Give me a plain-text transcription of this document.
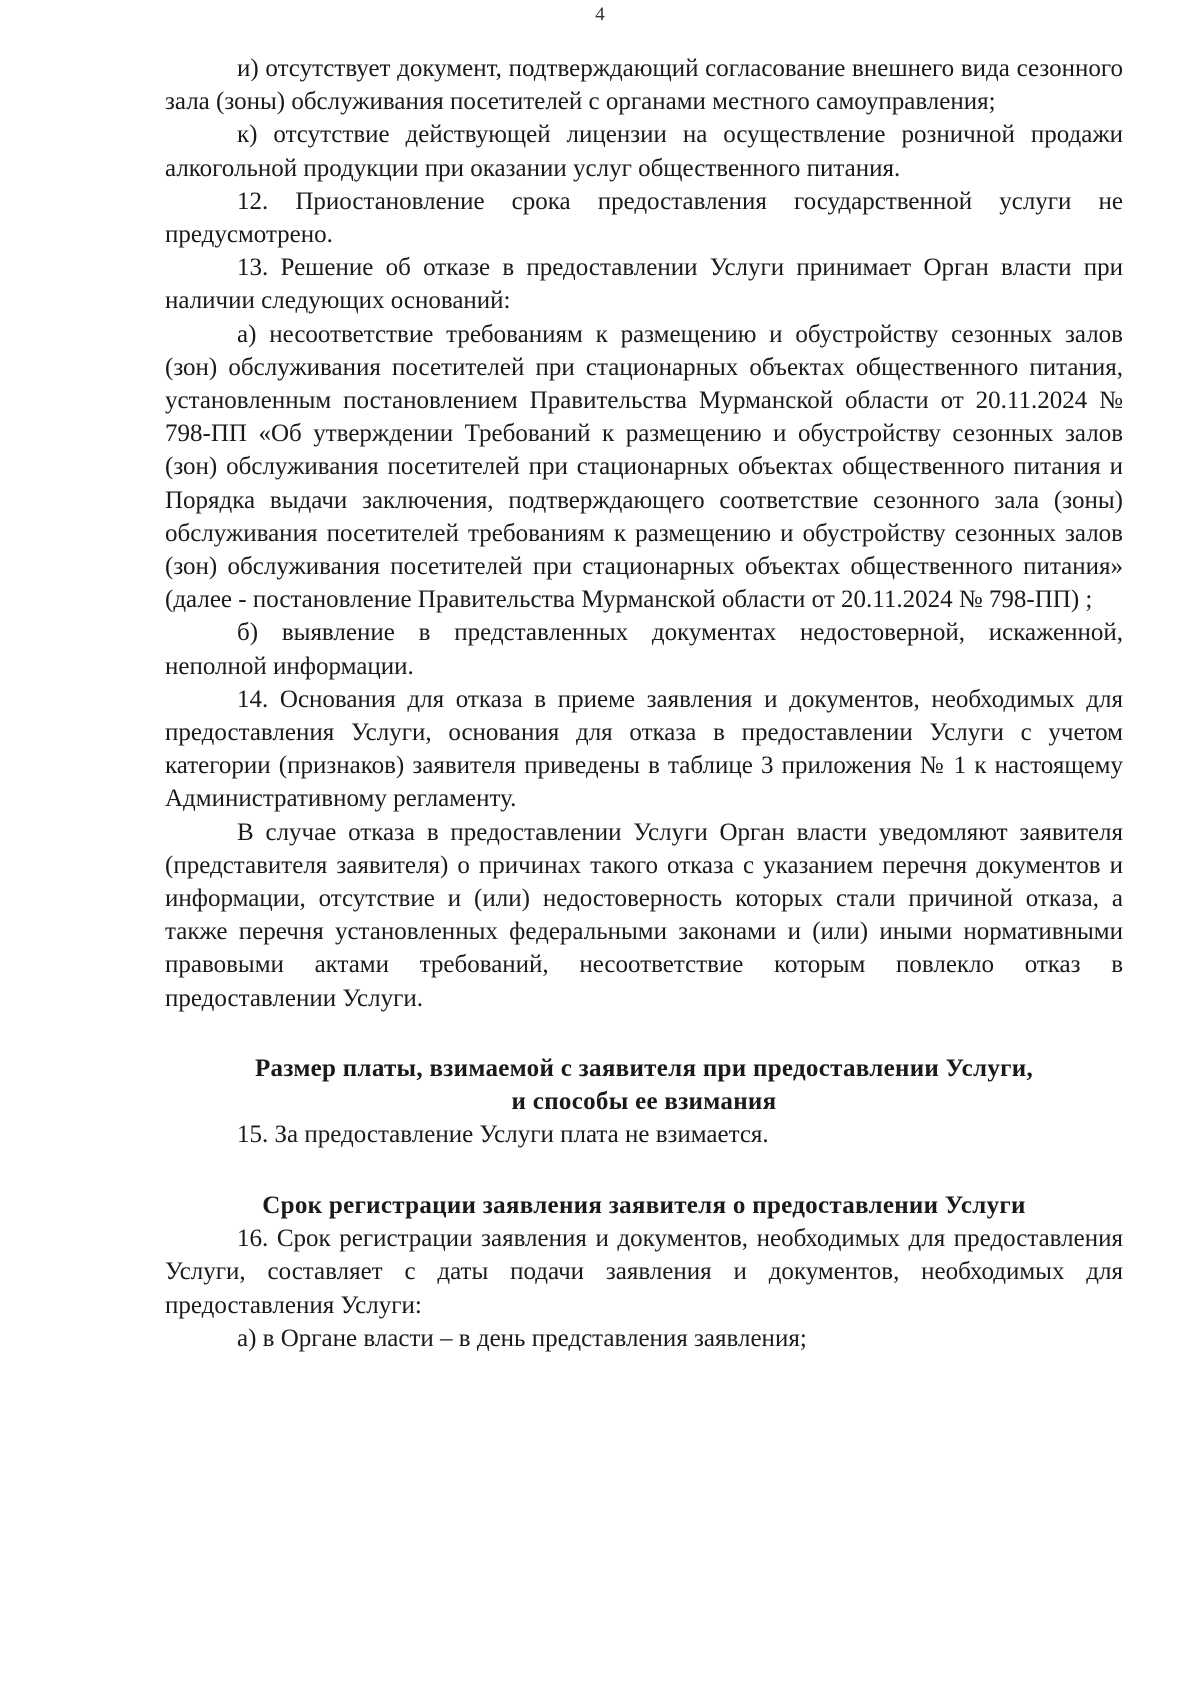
4

и) отсутствует документ, подтверждающий согласование внешнего вида сезонного зала (зоны) обслуживания посетителей с органами местного самоуправления;

к) отсутствие действующей лицензии на осуществление розничной продажи алкогольной продукции при оказании услуг общественного питания.

12. Приостановление срока предоставления государственной услуги не предусмотрено.

13. Решение об отказе в предоставлении Услуги принимает Орган власти при наличии следующих оснований:

а) несоответствие требованиям к размещению и обустройству сезонных залов (зон) обслуживания посетителей при стационарных объектах общественного питания, установленным постановлением Правительства Мурманской области от 20.11.2024 № 798-ПП «Об утверждении Требований к размещению и обустройству сезонных залов (зон) обслуживания посетителей при стационарных объектах общественного питания и Порядка выдачи заключения, подтверждающего соответствие сезонного зала (зоны) обслуживания посетителей требованиям к размещению и обустройству сезонных залов (зон) обслуживания посетителей при стационарных объектах общественного питания» (далее - постановление Правительства Мурманской области от 20.11.2024 № 798-ПП) ;

б) выявление в представленных документах недостоверной, искаженной, неполной информации.

14. Основания для отказа в приеме заявления и документов, необходимых для предоставления Услуги, основания для отказа в предоставлении Услуги с учетом категории (признаков) заявителя приведены в таблице 3 приложения № 1 к настоящему Административному регламенту.

В случае отказа в предоставлении Услуги Орган власти уведомляют заявителя (представителя заявителя) о причинах такого отказа с указанием перечня документов и информации, отсутствие и (или) недостоверность которых стали причиной отказа, а также перечня установленных федеральными законами и (или) иными нормативными правовыми актами требований, несоответствие которым повлекло отказ в предоставлении Услуги.

Размер платы, взимаемой с заявителя при предоставлении Услуги,
и способы ее взимания

15. За предоставление Услуги плата не взимается.

Срок регистрации заявления заявителя о предоставлении Услуги

16. Срок регистрации заявления и документов, необходимых для предоставления Услуги, составляет с даты подачи заявления и документов, необходимых для предоставления Услуги:

а) в Органе власти – в день представления заявления;
